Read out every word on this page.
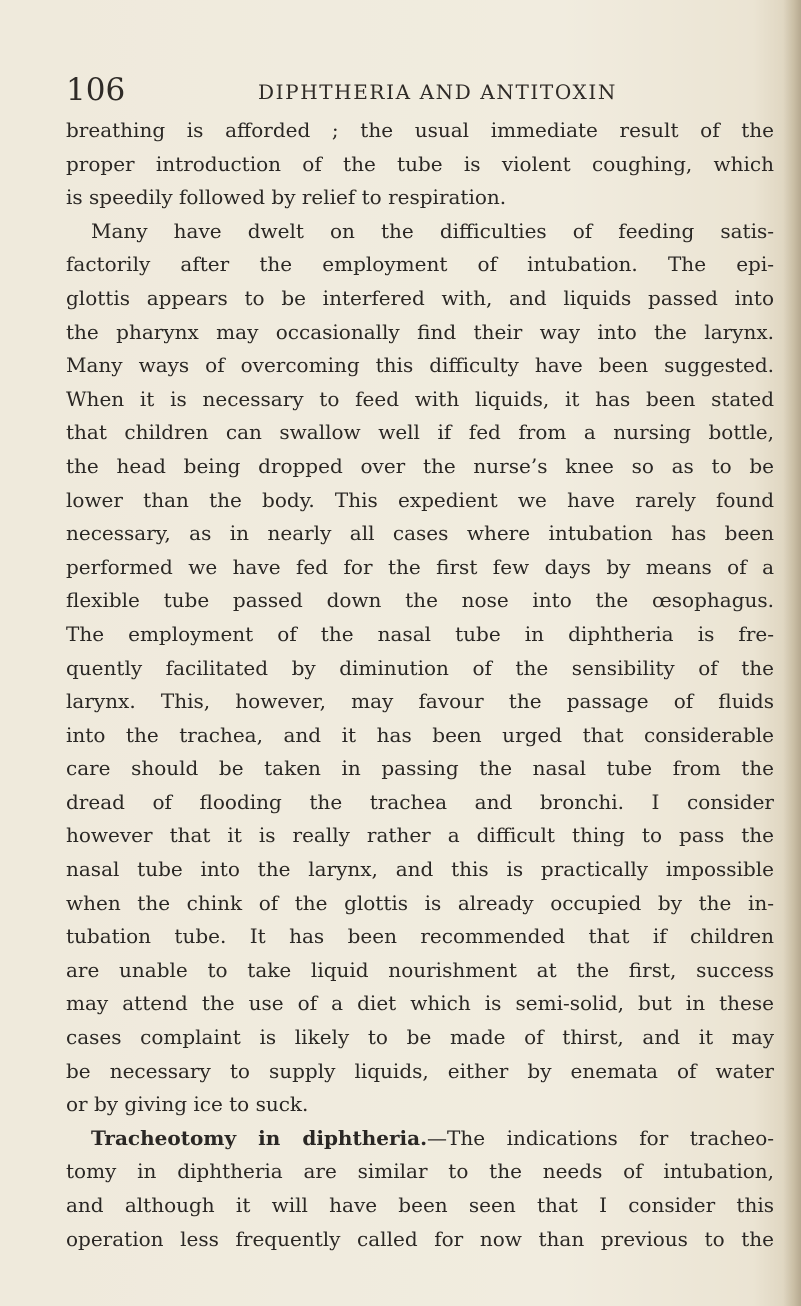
106	DIPHTHERIA AND ANTITOXIN
breathing is afforded ; the usual immediate result of the
proper introduction of the tube is violent coughing, which
is speedily followed by relief to respiration.
Many have dwelt on the difficulties of feeding satis-
factorily after the employment of intubation. The epi-
glottis appears to be interfered with, and liquids passed into
the pharynx may occasionally find their way into the larynx.
Many ways of overcoming this difficulty have been suggested.
When it is necessary to feed with liquids, it has been stated
that children can swallow well if fed from a nursing bottle,
the head being dropped over the nurse’s knee so as to be
lower than the body. This expedient we have rarely found
necessary, as in nearly all cases where intubation has been
performed we have fed for the first few days by means of a
flexible tube passed down the nose into the œsophagus.
The employment of the nasal tube in diphtheria is fre-
quently facilitated by diminution of the sensibility of the
larynx. This, however, may favour the passage of fluids
into the trachea, and it has been urged that considerable
care should be taken in passing the nasal tube from the
dread of flooding the trachea and bronchi. I consider
however that it is really rather a difficult thing to pass the
nasal tube into the larynx, and this is practically impossible
when the chink of the glottis is already occupied by the in-
tubation tube. It has been recommended that if children
are unable to take liquid nourishment at the first, success
may attend the use of a diet which is semi-solid, but in these
cases complaint is likely to be made of thirst, and it may
be necessary to supply liquids, either by enemata of water
or by giving ice to suck.
Tracheotomy in diphtheria.—The indications for tracheo-
tomy in diphtheria are similar to the needs of intubation,
and although it will have been seen that I consider this
operation less frequently called for now than previous to the
